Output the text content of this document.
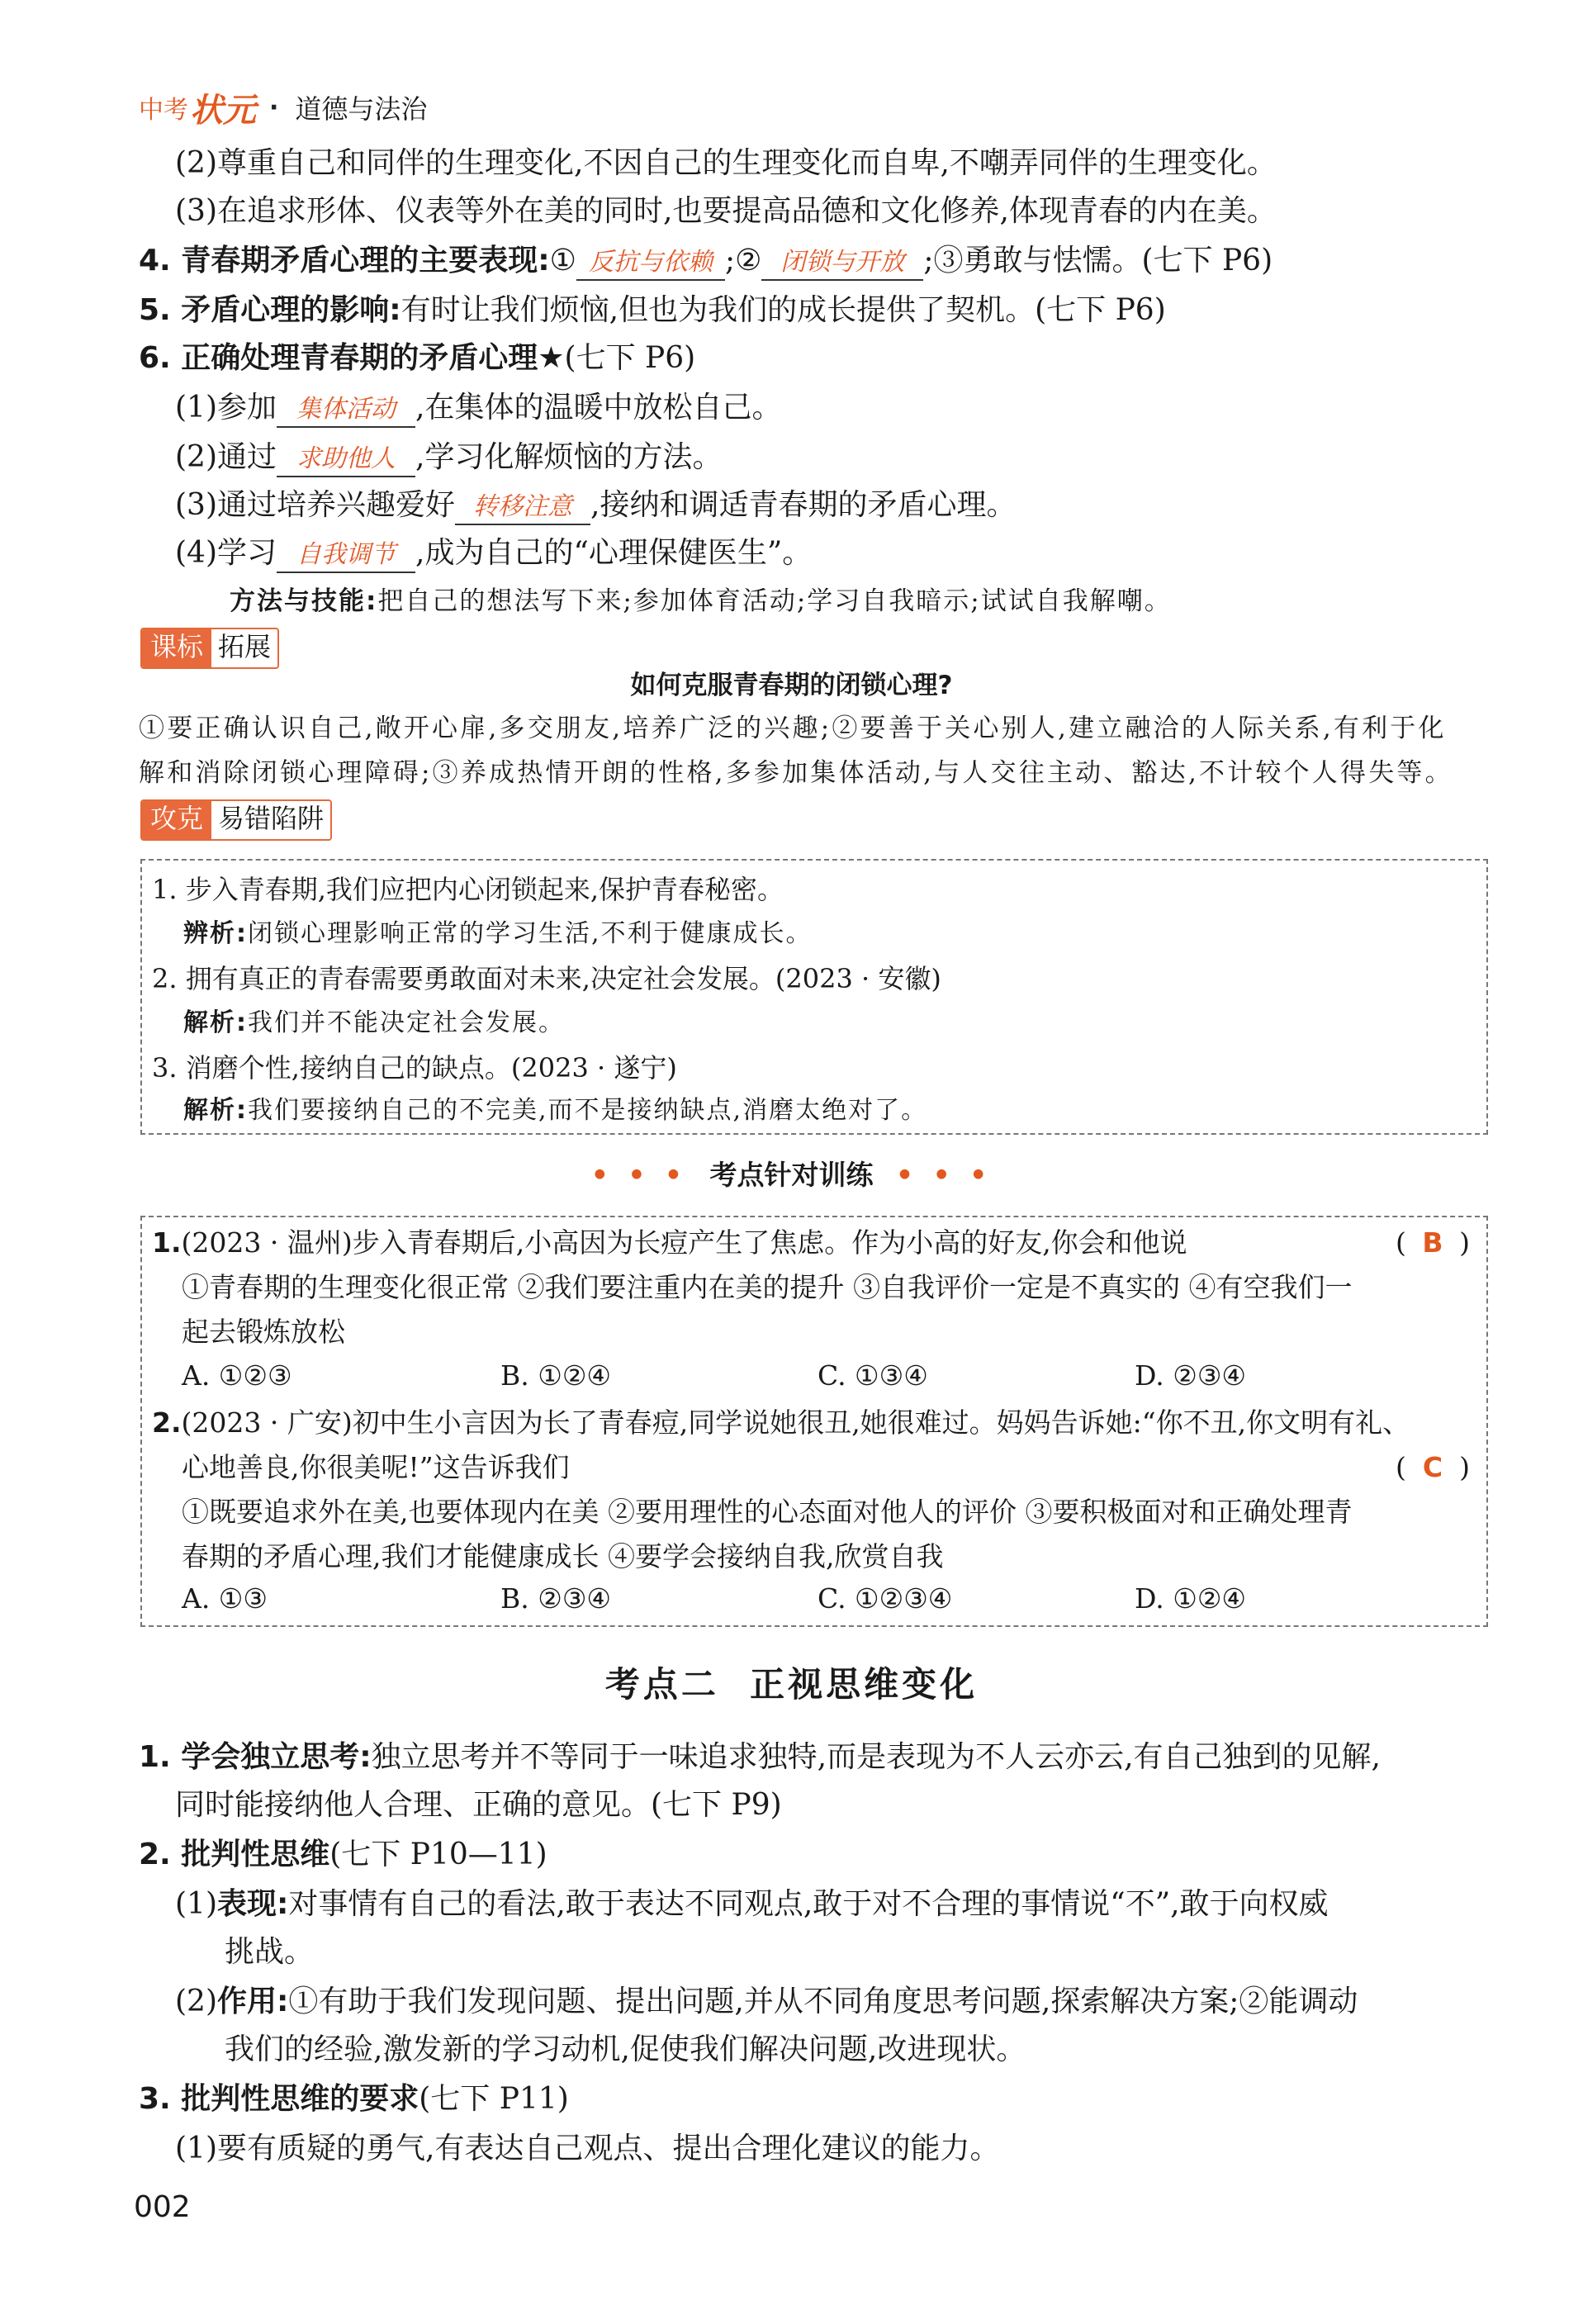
中考 状元 · 道德与法治
(2)尊重自己和同伴的生理变化,不因自己的生理变化而自卑,不嘲弄同伴的生理变化。
(3)在追求形体、仪表等外在美的同时,也要提高品德和文化修养,体现青春的内在美。
4. 青春期矛盾心理的主要表现:① 反抗与依赖 ;② 闭锁与开放 ;③勇敢与怯懦。(七下 P6)
5. 矛盾心理的影响:有时让我们烦恼,但也为我们的成长提供了契机。(七下 P6)
6. 正确处理青春期的矛盾心理★(七下 P6)
(1)参加 集体活动 ,在集体的温暖中放松自己。
(2)通过 求助他人 ,学习化解烦恼的方法。
(3)通过培养兴趣爱好 转移注意 ,接纳和调适青春期的矛盾心理。
(4)学习 自我调节 ,成为自己的“心理保健医生”。
方法与技能:把自己的想法写下来;参加体育活动;学习自我暗示;试试自我解嘲。
课标 拓展
如何克服青春期的闭锁心理?
①要正确认识自己,敞开心扉,多交朋友,培养广泛的兴趣;②要善于关心别人,建立融洽的人际关系,有利于化
解和消除闭锁心理障碍;③养成热情开朗的性格,多参加集体活动,与人交往主动、豁达,不计较个人得失等。
攻克 易错陷阱
1. 步入青春期,我们应把内心闭锁起来,保护青春秘密。
辨析:闭锁心理影响正常的学习生活,不利于健康成长。
2. 拥有真正的青春需要勇敢面对未来,决定社会发展。(2023 · 安徽)
解析:我们并不能决定社会发展。
3. 消磨个性,接纳自己的缺点。(2023 · 遂宁)
解析:我们要接纳自己的不完美,而不是接纳缺点,消磨太绝对了。
• • • 考点针对训练 • • •
1.(2023 · 温州)步入青春期后,小高因为长痘产生了焦虑。作为小高的好友,你会和他说	( B )
①青春期的生理变化很正常 ②我们要注重内在美的提升 ③自我评价一定是不真实的 ④有空我们一
起去锻炼放松
A. ①②③	B. ①②④	C. ①③④	D. ②③④
2.(2023 · 广安)初中生小言因为长了青春痘,同学说她很丑,她很难过。妈妈告诉她:“你不丑,你文明有礼、
心地善良,你很美呢!”这告诉我们	( C )
①既要追求外在美,也要体现内在美 ②要用理性的心态面对他人的评价 ③要积极面对和正确处理青
春期的矛盾心理,我们才能健康成长 ④要学会接纳自我,欣赏自我
A. ①③	B. ②③④	C. ①②③④	D. ①②④
考点二  正视思维变化
1. 学会独立思考:独立思考并不等同于一味追求独特,而是表现为不人云亦云,有自己独到的见解,
同时能接纳他人合理、正确的意见。(七下 P9)
2. 批判性思维(七下 P10—11)
(1)表现:对事情有自己的看法,敢于表达不同观点,敢于对不合理的事情说“不”,敢于向权威
挑战。
(2)作用:①有助于我们发现问题、提出问题,并从不同角度思考问题,探索解决方案;②能调动
我们的经验,激发新的学习动机,促使我们解决问题,改进现状。
3. 批判性思维的要求(七下 P11)
(1)要有质疑的勇气,有表达自己观点、提出合理化建议的能力。
002
